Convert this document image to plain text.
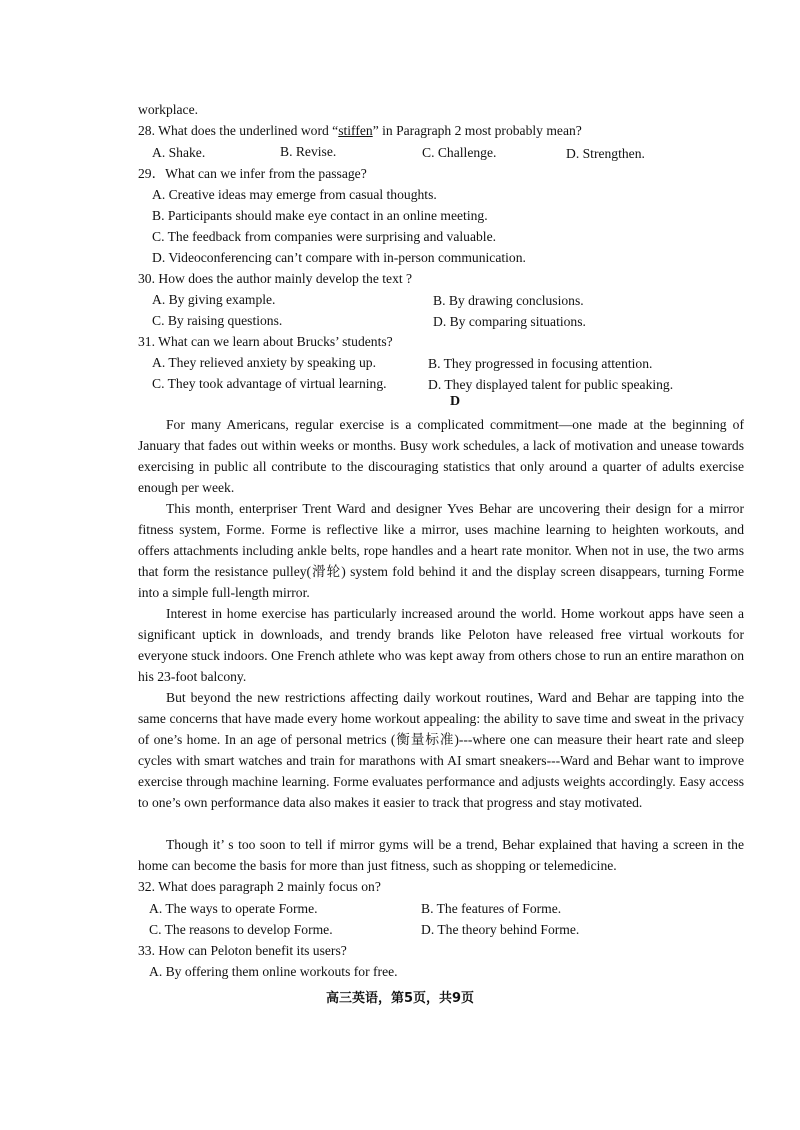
workplace.
28. What does the underlined word “stiffen” in Paragraph 2 most probably mean?
A. Shake.	B. Revise.	C. Challenge.	D. Strengthen.
29．What can we infer from the passage?
A. Creative ideas may emerge from casual thoughts.
B. Participants should make eye contact in an online meeting.
C. The feedback from companies were surprising and valuable.
D. Videoconferencing can’t compare with in-person communication.
30. How does the author mainly develop the text ?
A. By giving example.	B. By drawing conclusions.
C. By raising questions.	D. By comparing situations.
31. What can we learn about Brucks’ students?
A. They relieved anxiety by speaking up.	B. They progressed in focusing attention.
C. They took advantage of virtual learning.	D. They displayed talent for public speaking.
D

For many Americans, regular exercise is a complicated commitment—one made at the beginning of January that fades out within weeks or months. Busy work schedules, a lack of motivation and unease towards exercising in public all contribute to the discouraging statistics that only around a quarter of adults exercise enough per week.

This month, enterpriser Trent Ward and designer Yves Behar are uncovering their design for a mirror fitness system, Forme. Forme is reflective like a mirror, uses machine learning to heighten workouts, and offers attachments including ankle belts, rope handles and a heart rate monitor. When not in use, the two arms that form the resistance pulley(滑轮) system fold behind it and the display screen disappears, turning Forme into a simple full-length mirror.

Interest in home exercise has particularly increased around the world. Home workout apps have seen a significant uptick in downloads, and trendy brands like Peloton have released free virtual workouts for everyone stuck indoors. One French athlete who was kept away from others chose to run an entire marathon on his 23-foot balcony.

But beyond the new restrictions affecting daily workout routines, Ward and Behar are tapping into the same concerns that have made every home workout appealing: the ability to save time and sweat in the privacy of one’s home. In an age of personal metrics (衡量标准)---where one can measure their heart rate and sleep cycles with smart watches and train for marathons with AI smart sneakers---Ward and Behar want to improve exercise through machine learning. Forme evaluates performance and adjusts weights accordingly. Easy access to one’s own performance data also makes it easier to track that progress and stay motivated.

Though it’ s too soon to tell if mirror gyms will be a trend, Behar explained that having a screen in the home can become the basis for more than just fitness, such as shopping or telemedicine.

32. What does paragraph 2 mainly focus on?
A. The ways to operate Forme.	B. The features of Forme.
C. The reasons to develop Forme.	D. The theory behind Forme.
33. How can Peloton benefit its users?
A. By offering them online workouts for free.
高三英语，第5页，共9页
